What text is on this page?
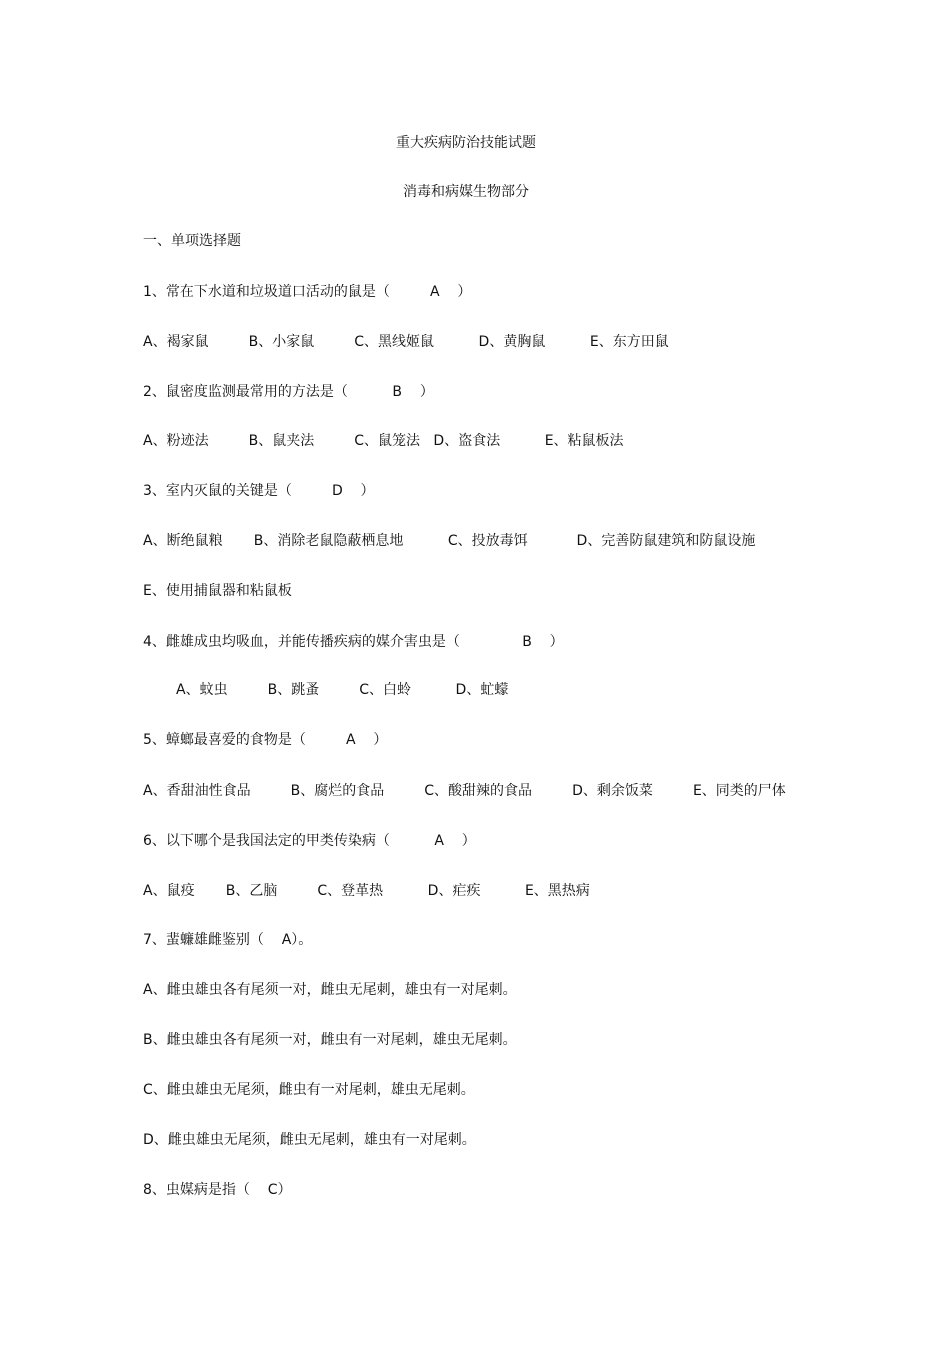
重大疾病防治技能试题
消毒和病媒生物部分
一、单项选择题
1、常在下水道和垃圾道口活动的鼠是（         A    ）
A、褐家鼠         B、小家鼠         C、黑线姬鼠          D、黄胸鼠          E、东方田鼠
2、鼠密度监测最常用的方法是（          B    ）
A、粉迹法         B、鼠夹法         C、鼠笼法   D、盗食法          E、粘鼠板法
3、室内灭鼠的关键是（         D    ）
A、断绝鼠粮       B、消除老鼠隐蔽栖息地          C、投放毒饵           D、完善防鼠建筑和防鼠设施
E、使用捕鼠器和粘鼠板
4、雌雄成虫均吸血，并能传播疾病的媒介害虫是（              B    ）
A、蚊虫         B、跳蚤         C、白蛉          D、虻蠓
5、蟑螂最喜爱的食物是（         A    ）
A、香甜油性食品         B、腐烂的食品         C、酸甜辣的食品         D、剩余饭菜         E、同类的尸体
6、以下哪个是我国法定的甲类传染病（          A    ）
A、鼠疫       B、乙脑         C、登革热          D、疟疾          E、黑热病
7、蜚蠊雄雌鉴别（    A）。
A、雌虫雄虫各有尾须一对，雌虫无尾刺，雄虫有一对尾刺。
B、雌虫雄虫各有尾须一对，雌虫有一对尾刺，雄虫无尾刺。
C、雌虫雄虫无尾须，雌虫有一对尾刺，雄虫无尾刺。
D、雌虫雄虫无尾须，雌虫无尾刺，雄虫有一对尾刺。
8、虫媒病是指（    C）
